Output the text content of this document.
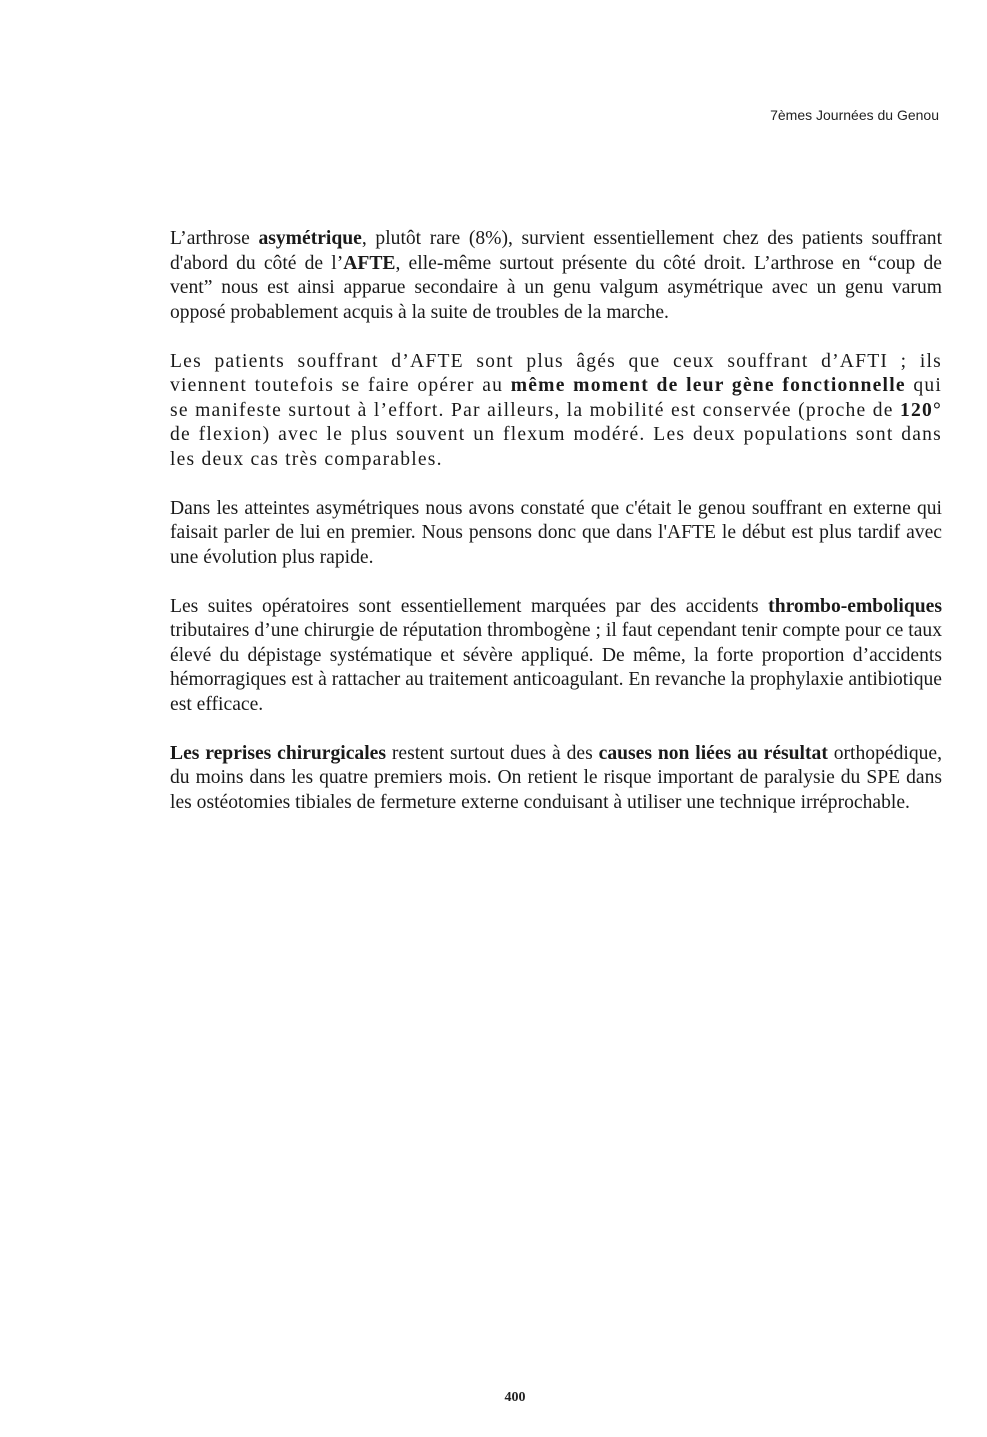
7èmes Journées du Genou

L’arthrose asymétrique, plutôt rare (8%), survient essentiellement chez des patients souffrant d'abord du côté de l’AFTE, elle-même surtout présente du côté droit. L’arthrose en “coup de vent” nous est ainsi apparue secondaire à un genu valgum asymétrique avec un genu varum opposé probablement acquis à la suite de troubles de la marche.

Les patients souffrant d’AFTE sont plus âgés que ceux souffrant d’AFTI ; ils viennent toutefois se faire opérer au même moment de leur gène fonctionnelle qui se manifeste surtout à l’effort. Par ailleurs, la mobilité est conservée (proche de 120° de flexion) avec le plus souvent un flexum modéré. Les deux populations sont dans les deux cas très comparables.

Dans les atteintes asymétriques nous avons constaté que c'était le genou souffrant en externe qui faisait parler de lui en premier. Nous pensons donc que dans l'AFTE le début est plus tardif avec une évolution plus rapide.

Les suites opératoires sont essentiellement marquées par des accidents thrombo-emboliques tributaires d’une chirurgie de réputation thrombogène ; il faut cependant tenir compte pour ce taux élevé du dépistage systématique et sévère appliqué. De même, la forte proportion d’accidents hémorragiques est à rattacher au traitement anticoagulant. En revanche la prophylaxie antibiotique est efficace.

Les reprises chirurgicales restent surtout dues à des causes non liées au résultat orthopédique, du moins dans les quatre premiers mois. On retient le risque important de paralysie du SPE dans les ostéotomies tibiales de fermeture externe conduisant à utiliser une technique irréprochable.

400
